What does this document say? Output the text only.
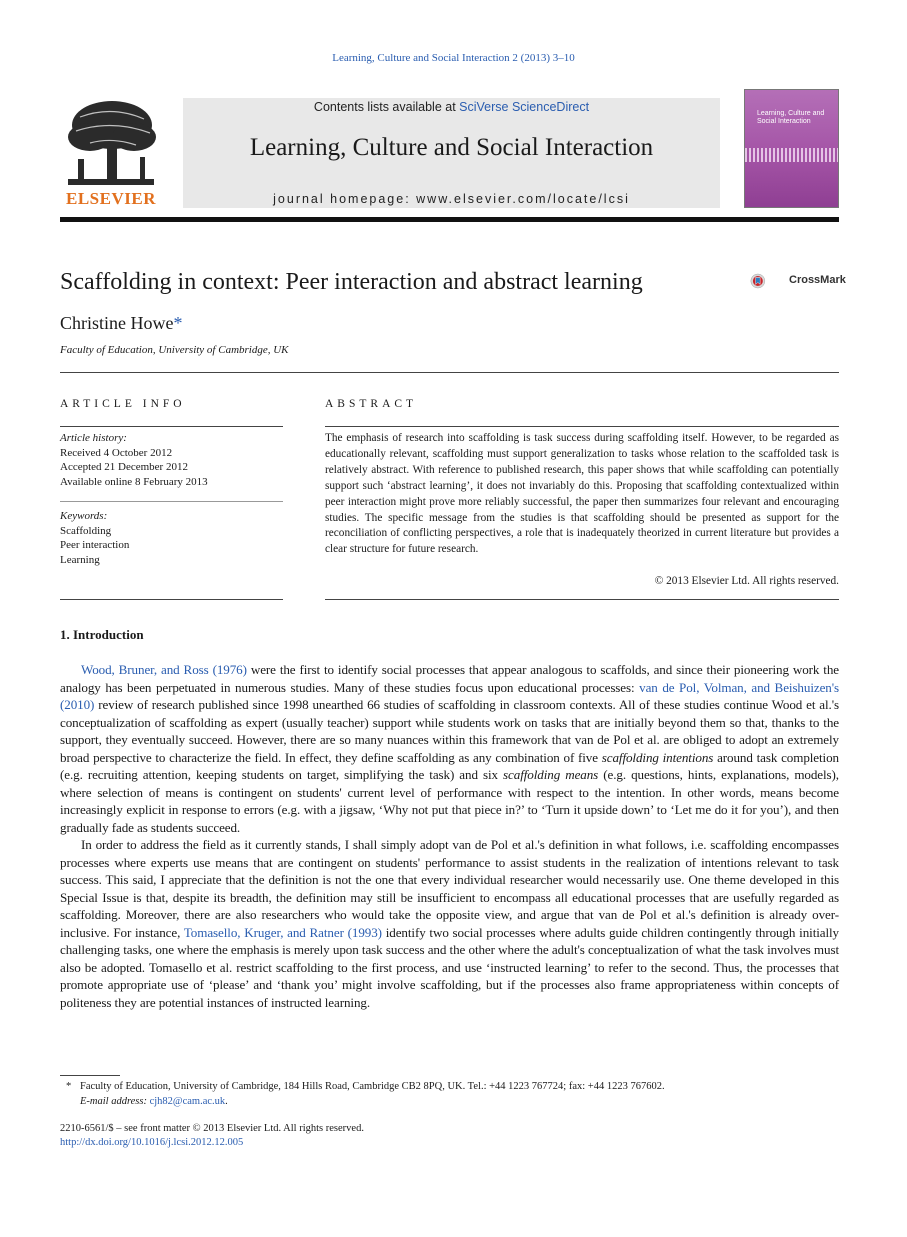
Learning, Culture and Social Interaction 2 (2013) 3–10
ELSEVIER
Contents lists available at SciVerse ScienceDirect
Learning, Culture and Social Interaction
journal homepage: www.elsevier.com/locate/lcsi
Learning, Culture and Social Interaction
Scaffolding in context: Peer interaction and abstract learning	CrossMark
Christine Howe*
Faculty of Education, University of Cambridge, UK
ARTICLE INFO
Article history:
Received 4 October 2012
Accepted 21 December 2012
Available online 8 February 2013
Keywords:
Scaffolding
Peer interaction
Learning
ABSTRACT
The emphasis of research into scaffolding is task success during scaffolding itself. However, to be regarded as educationally relevant, scaffolding must support generalization to tasks whose relation to the scaffolded task is relatively abstract. With reference to published research, this paper shows that while scaffolding can potentially support such ‘abstract learning’, it does not invariably do this. Proposing that scaffolding contextualized within peer interaction might prove more reliably successful, the paper then summarizes four relevant and encouraging studies. The specific message from the studies is that scaffolding should be presented as support for the reconciliation of conflicting perspectives, a role that is inadequately theorized in current literature but provides a clear structure for future research.
© 2013 Elsevier Ltd. All rights reserved.
1. Introduction

Wood, Bruner, and Ross (1976) were the first to identify social processes that appear analogous to scaffolds, and since their pioneering work the analogy has been perpetuated in numerous studies. Many of these studies focus upon educational processes: van de Pol, Volman, and Beishuizen's (2010) review of research published since 1998 unearthed 66 studies of scaffolding in classroom contexts. All of these studies continue Wood et al.'s conceptualization of scaffolding as expert (usually teacher) support while students work on tasks that are initially beyond them so that, thanks to the support, they eventually succeed. However, there are so many nuances within this framework that van de Pol et al. are obliged to adopt an extremely broad perspective to characterize the field. In effect, they define scaffolding as any combination of five scaffolding intentions around task completion (e.g. recruiting attention, keeping students on target, simplifying the task) and six scaffolding means (e.g. questions, hints, explanations, models), where selection of means is contingent on students' current level of performance with respect to the intention. In other words, means become increasingly explicit in response to errors (e.g. with a jigsaw, ‘Why not put that piece in?’ to ‘Turn it upside down’ to ‘Let me do it for you’), and then gradually fade as students succeed.

In order to address the field as it currently stands, I shall simply adopt van de Pol et al.'s definition in what follows, i.e. scaffolding encompasses processes where experts use means that are contingent on students' performance to assist students in the realization of intentions relevant to task success. This said, I appreciate that the definition is not the one that every individual researcher would necessarily use. One theme developed in this Special Issue is that, despite its breadth, the definition may still be insufficient to encompass all educational processes that are usefully regarded as scaffolding. Moreover, there are also researchers who would take the opposite view, and argue that van de Pol et al.'s definition is already over-inclusive. For instance, Tomasello, Kruger, and Ratner (1993) identify two social processes where adults guide children contingently through initially challenging tasks, one where the emphasis is merely upon task success and the other where the adult's conceptualization of what the task involves must also be adopted. Tomasello et al. restrict scaffolding to the first process, and use ‘instructed learning’ to refer to the second. Thus, the processes that promote appropriate use of ‘please’ and ‘thank you’ might involve scaffolding, but if the processes also frame appropriateness within concepts of politeness they are potential instances of instructed learning.

* Faculty of Education, University of Cambridge, 184 Hills Road, Cambridge CB2 8PQ, UK. Tel.: +44 1223 767724; fax: +44 1223 767602.
E-mail address: cjh82@cam.ac.uk.
2210-6561/$ – see front matter © 2013 Elsevier Ltd. All rights reserved.
http://dx.doi.org/10.1016/j.lcsi.2012.12.005
